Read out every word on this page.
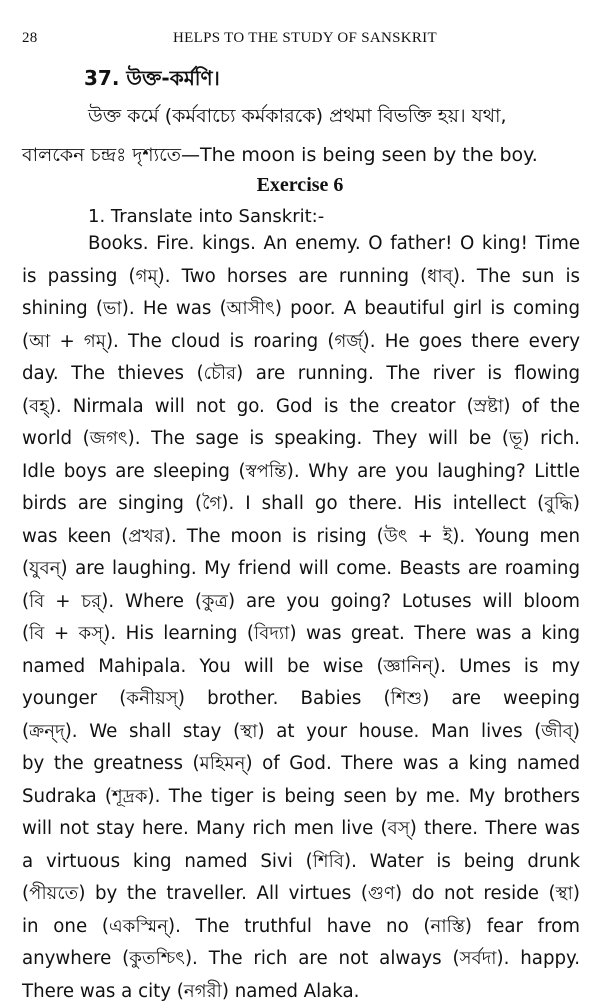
28	HELPS TO THE STUDY OF SANSKRIT
37. উক্ত-কর্মণি।
উক্ত কর্মে (কর্মবাচ্যে কর্মকারকে) প্রথমা বিভক্তি হয়। যথা,
বালকেন চন্দ্রঃ দৃশ্যতে—The moon is being seen by the boy.
Exercise 6
1. Translate into Sanskrit:-
Books. Fire. kings. An enemy. O father! O king! Time
is passing (গম্). Two horses are running (ধাব্). The sun is
shining (ভা). He was (আসীৎ) poor. A beautiful girl is coming
(আ + গম্). The cloud is roaring (গর্জ্). He goes there every
day. The thieves (চৌর) are running. The river is flowing
(বহ্). Nirmala will not go. God is the creator (স্রষ্টা) of the
world (জগৎ). The sage is speaking. They will be (ভূ) rich.
Idle boys are sleeping (স্বপন্তি). Why are you laughing? Little
birds are singing (গৈ). I shall go there. His intellect (বুদ্ধি)
was keen (প্রখর). The moon is rising (উৎ + ই). Young men
(যুবন্) are laughing. My friend will come. Beasts are roaming
(বি + চর্). Where (কুত্র) are you going? Lotuses will bloom
(বি + কস্). His learning (বিদ্যা) was great. There was a king
named Mahipala. You will be wise (জ্ঞানিন্). Umes is my
younger (কনীয়স্) brother. Babies (শিশু) are weeping
(ক্রন্দ্). We shall stay (স্থা) at your house. Man lives (জীব্)
by the greatness (মহিমন্) of God. There was a king named
Sudraka (শূদ্রক). The tiger is being seen by me. My brothers
will not stay here. Many rich men live (বস্) there. There was
a virtuous king named Sivi (শিবি). Water is being drunk
(পীয়তে) by the traveller. All virtues (গুণ) do not reside (স্থা)
in one (একস্মিন্). The truthful have no (নাস্তি) fear from
anywhere (কুতশ্চিৎ). The rich are not always (সর্বদা). happy.
There was a city (নগরী) named Alaka.
